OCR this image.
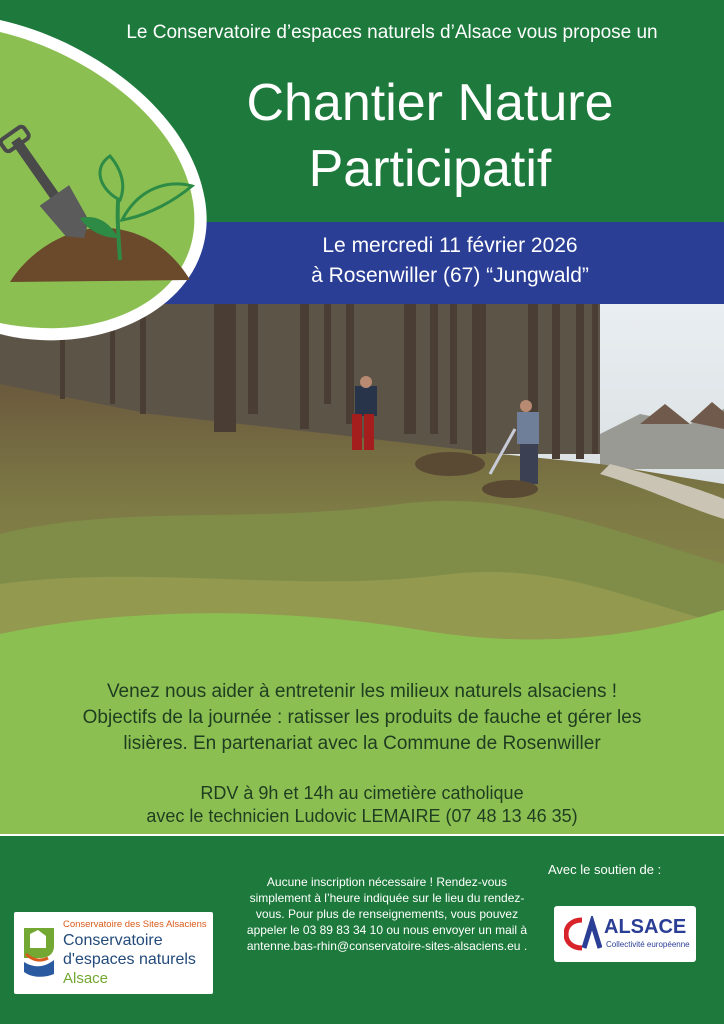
Le Conservatoire d’espaces naturels d’Alsace vous propose un
Chantier Nature
Participatif
Le mercredi 11 février 2026
à Rosenwiller (67) “Jungwald”
Venez nous aider à entretenir les milieux naturels alsaciens !
Objectifs de la journée : ratisser les produits de fauche et gérer les
lisières. En partenariat avec la Commune de Rosenwiller
RDV à 9h et 14h au cimetière catholique
avec le technicien Ludovic LEMAIRE (07 48 13 46 35)
Avec le soutien de :
Aucune inscription nécessaire ! Rendez-vous
simplement à l’heure indiquée sur le lieu du rendez-
vous. Pour plus de renseignements, vous pouvez
appeler le 03 89 83 34 10 ou nous envoyer un mail à
antenne.bas-rhin@conservatoire-sites-alsaciens.eu .
Conservatoire des Sites Alsaciens
Conservatoire
d'espaces naturels
Alsace
ALSACE
Collectivité européenne
